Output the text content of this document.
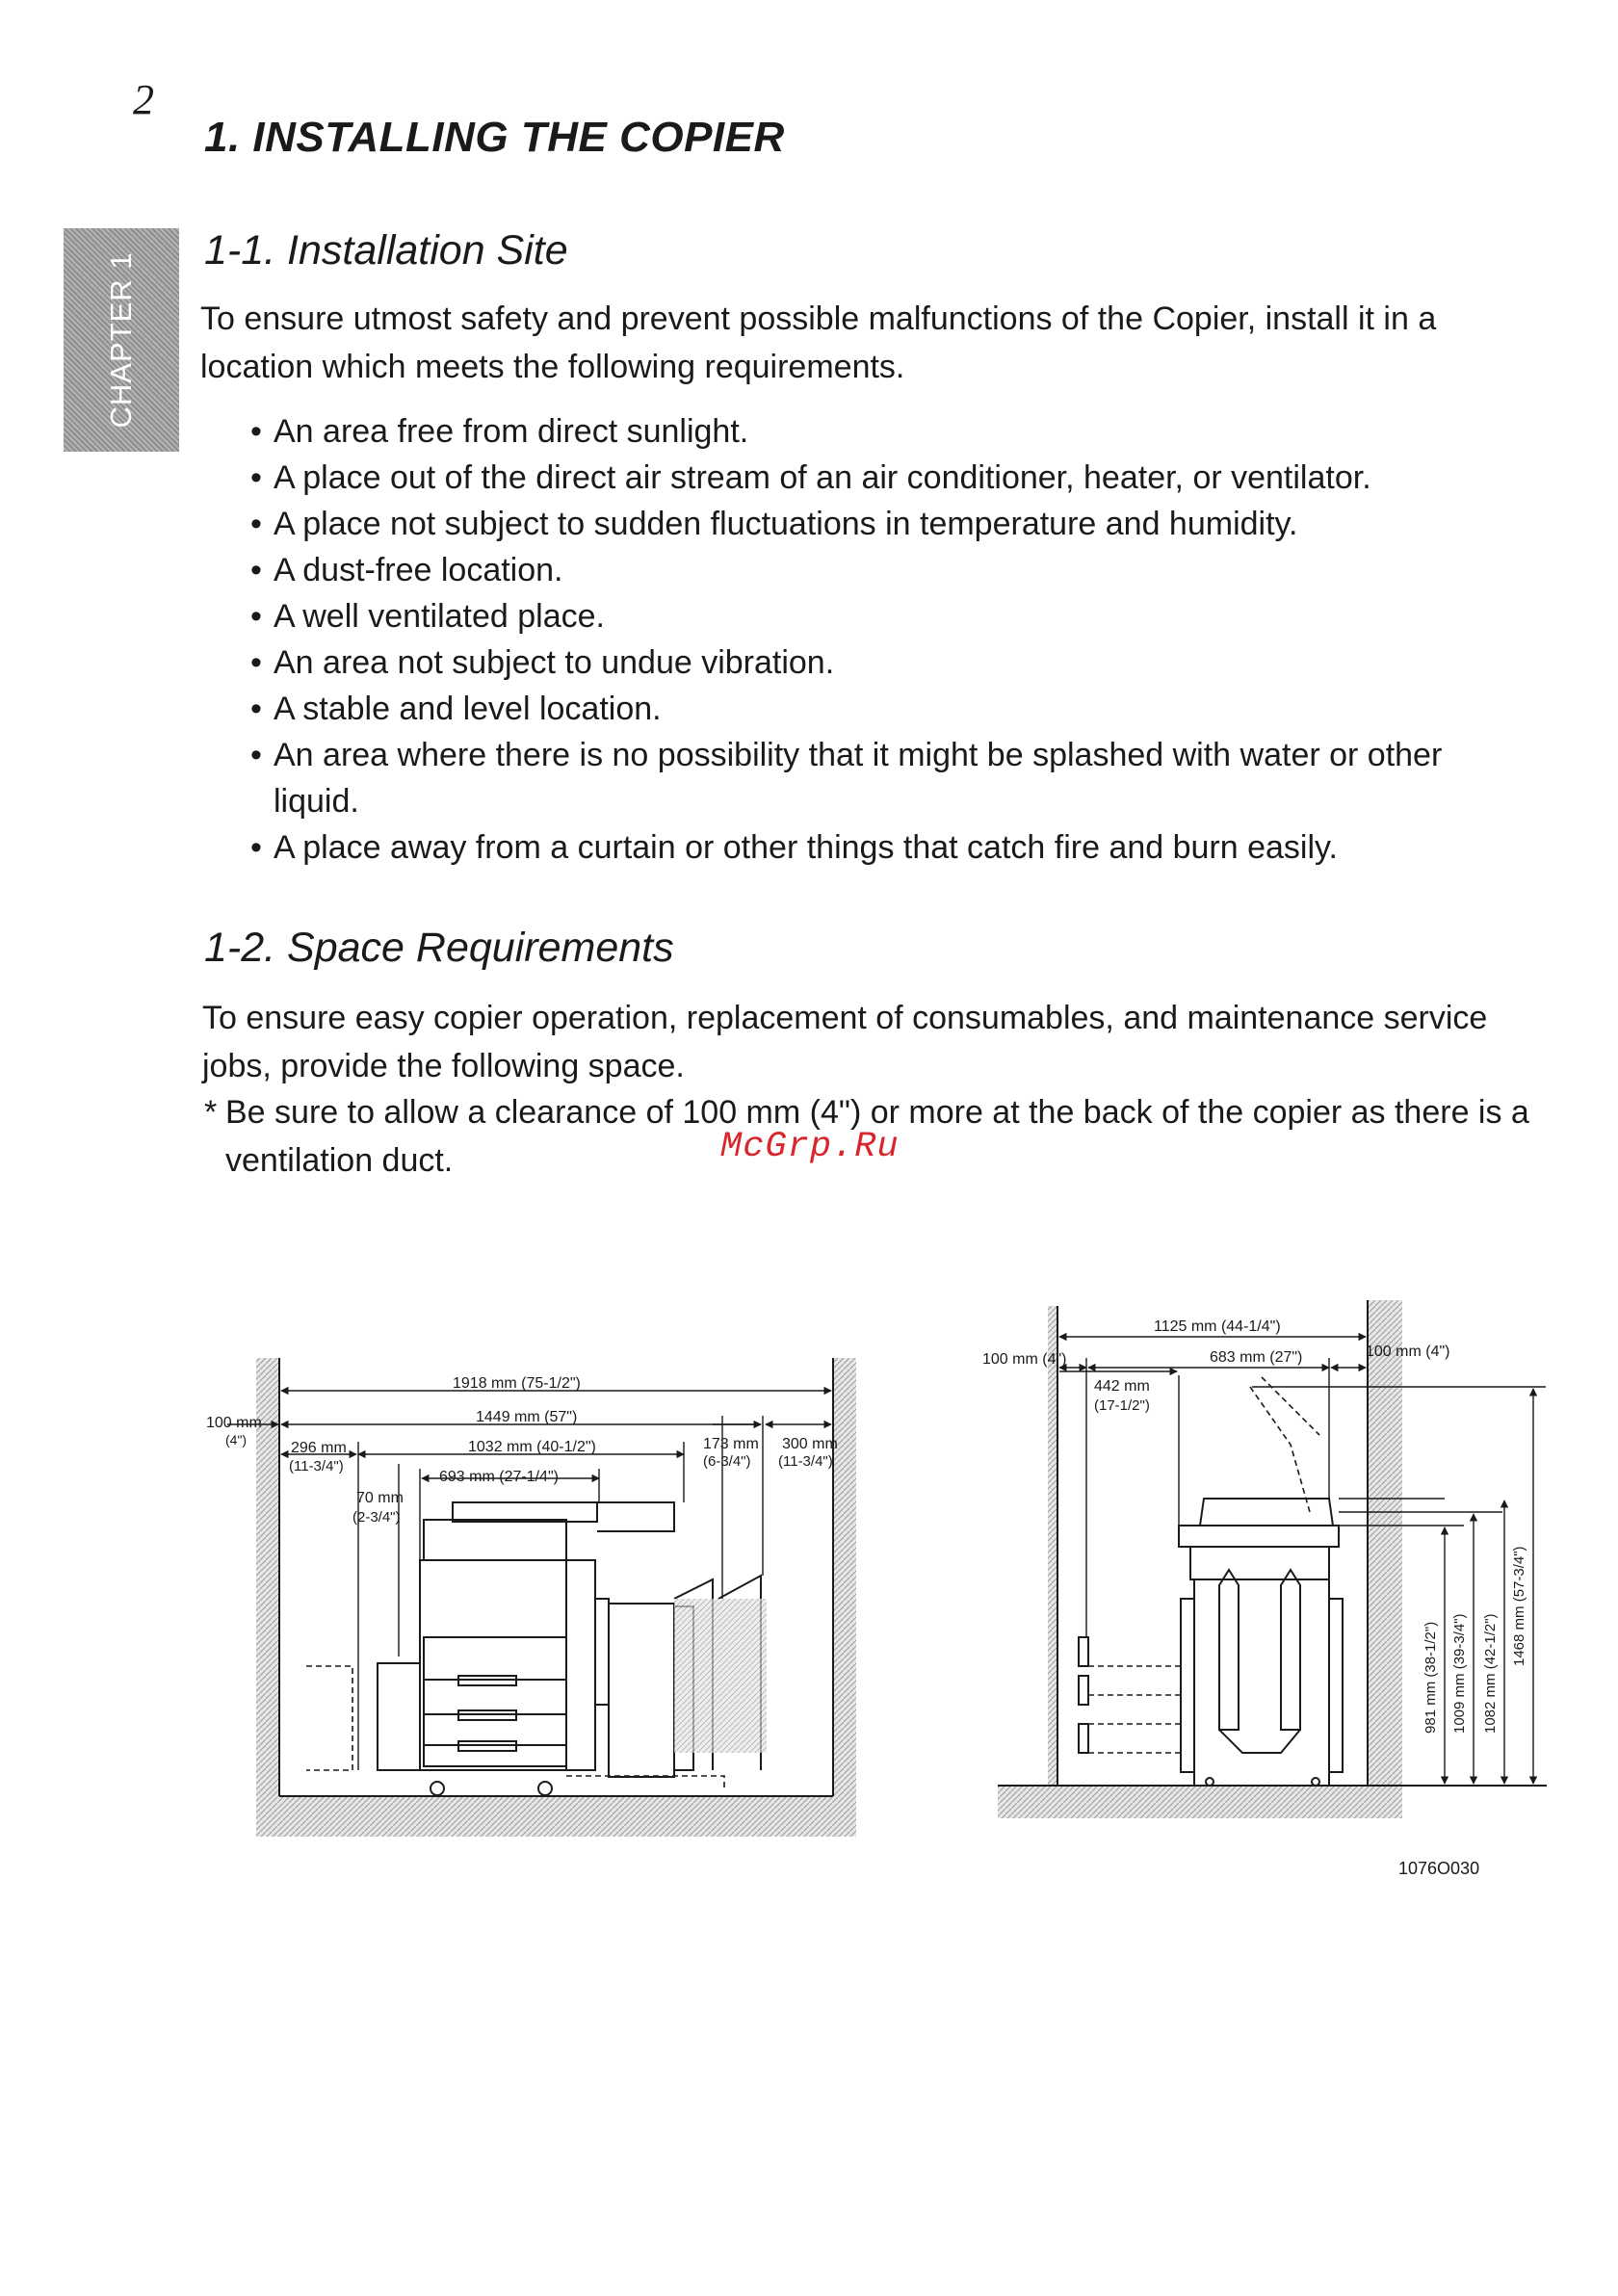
2
1. INSTALLING THE COPIER
CHAPTER 1
1-1. Installation Site
To ensure utmost safety and prevent possible malfunctions of the Copier, install it in a location which meets the following requirements.
• An area free from direct sunlight.
• A place out of the direct air stream of an air conditioner, heater, or ventilator.
• A place not subject to sudden fluctuations in temperature and humidity.
• A dust-free location.
• A well ventilated place.
• An area not subject to undue vibration.
• A stable and level location.
• An area where there is no possibility that it might be splashed with water or other liquid.
• A place away from a curtain or other things that catch fire and burn easily.
1-2. Space Requirements
To ensure easy copier operation, replacement of consumables, and maintenance service jobs, provide the following space.
* Be sure to allow a clearance of 100 mm (4") or more at the back of the copier as there is a ventilation duct.	McGrp.Ru
1918 mm (75-1/2")
100 mm
(4")
1449 mm (57")
296 mm
(11-3/4")
1032 mm (40-1/2")
693 mm (27-1/4")
70 mm
(2-3/4")
173 mm
(6-3/4")
300 mm
(11-3/4")
1125 mm (44-1/4")
100 mm (4")	683 mm (27")	100 mm (4")
442 mm
(17-1/2")
981 mm (38-1/2") 1009 mm (39-3/4") 1082 mm (42-1/2")
1468 mm (57-3/4")
1076O030
